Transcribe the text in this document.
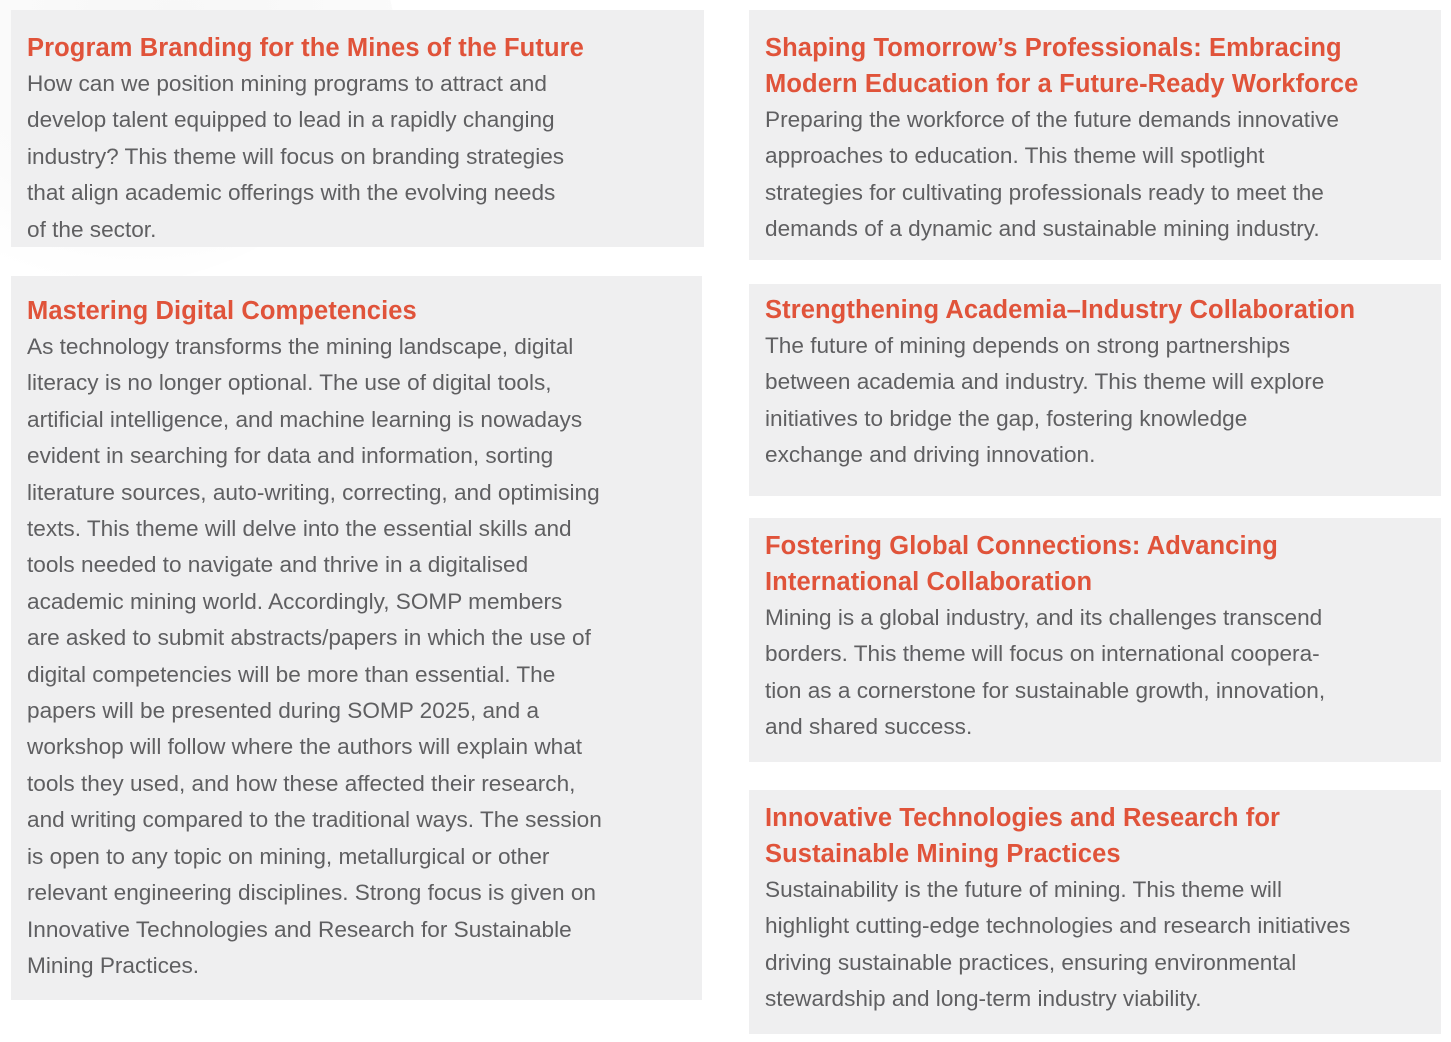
Program Branding for the Mines of the Future

How can we position mining programs to attract and
develop talent equipped to lead in a rapidly changing
industry? This theme will focus on branding strategies
that align academic offerings with the evolving needs
of the sector.

Mastering Digital Competencies

As technology transforms the mining landscape, digital
literacy is no longer optional. The use of digital tools,
artificial intelligence, and machine learning is nowadays
evident in searching for data and information, sorting
literature sources, auto-writing, correcting, and optimising
texts. This theme will delve into the essential skills and
tools needed to navigate and thrive in a digitalised
academic mining world. Accordingly, SOMP members
are asked to submit abstracts/papers in which the use of
digital competencies will be more than essential. The
papers will be presented during SOMP 2025, and a
workshop will follow where the authors will explain what
tools they used, and how these affected their research,
and writing compared to the traditional ways. The session
is open to any topic on mining, metallurgical or other
relevant engineering disciplines. Strong focus is given on
Innovative Technologies and Research for Sustainable
Mining Practices.

Shaping Tomorrow’s Professionals: Embracing
Modern Education for a Future-Ready Workforce

Preparing the workforce of the future demands innovative
approaches to education. This theme will spotlight
strategies for cultivating professionals ready to meet the
demands of a dynamic and sustainable mining industry.

Strengthening Academia–Industry Collaboration

The future of mining depends on strong partnerships
between academia and industry. This theme will explore
initiatives to bridge the gap, fostering knowledge
exchange and driving innovation.

Fostering Global Connections: Advancing
International Collaboration

Mining is a global industry, and its challenges transcend
borders. This theme will focus on international coopera-
tion as a cornerstone for sustainable growth, innovation,
and shared success.

Innovative Technologies and Research for
Sustainable Mining Practices

Sustainability is the future of mining. This theme will
highlight cutting-edge technologies and research initiatives
driving sustainable practices, ensuring environmental
stewardship and long-term industry viability.
